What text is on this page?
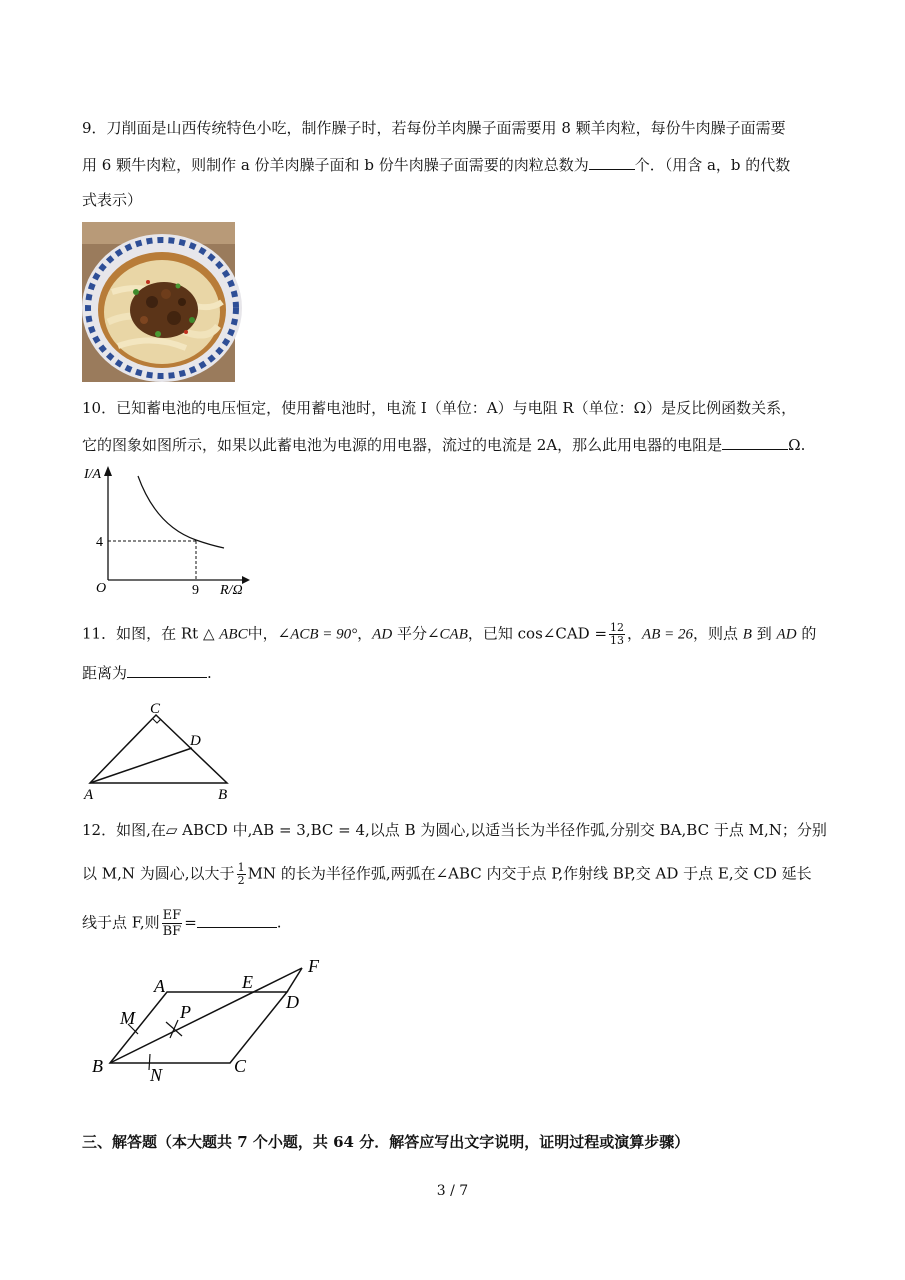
9．刀削面是山西传统特色小吃，制作臊子时，若每份羊肉臊子面需要用 8 颗羊肉粒，每份牛肉臊子面需要
用 6 颗牛肉粒，则制作 a 份羊肉臊子面和 b 份牛肉臊子面需要的肉粒总数为	个．（用含 a，b 的代数
式表示）
10．已知蓄电池的电压恒定，使用蓄电池时，电流 I（单位：A）与电阻 R（单位：Ω）是反比例函数关系，
它的图象如图所示，如果以此蓄电池为电源的用电器，流过的电流是 2A，那么此用电器的电阻是	Ω.
I/A
R/Ω
O
4
9
11．如图，在 Rt △ ABC中，∠ACB = 90°，AD 平分∠CAB，已知 cos∠CAD = $\frac{12}{13}$ ，AB = 26，则点 B 到 AD 的
距离为	.
C
D
A	B
12．如图,在▱ ABCD 中,AB = 3,BC = 4,以点 B 为圆心,以适当长为半径作弧,分别交 BA,BC 于点 M,N；分别
以 M,N 为圆心,以大于 $\frac{1}{2}$ MN 的长为半径作弧,两弧在∠ABC 内交于点 P,作射线 BP,交 AD 于点 E,交 CD 延长
线于点 F,则 $\frac{EF}{BF}$ =	.
A	E
F
D
P
M
B	N	C
三、解答题（本大题共 7 个小题，共 64 分．解答应写出文字说明，证明过程或演算步骤）
3 / 7
